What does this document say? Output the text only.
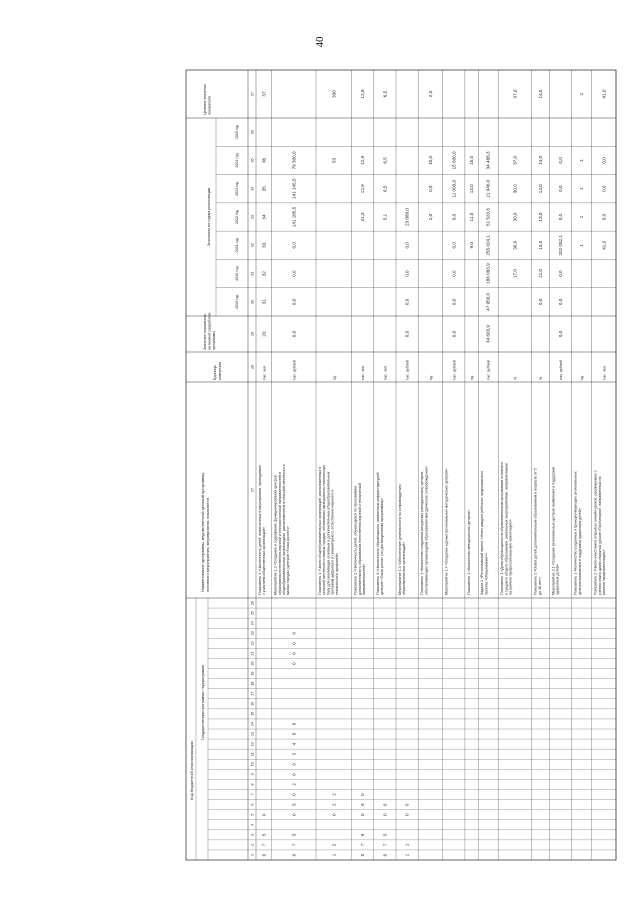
40
Код бюджетной классификации
Государственная программа / подпрограмма
Значения по годам реализации
2019 год
2020 год
2021 год
2022 год
2023 год
2024 год
2025 год
Наименование программы, ведомственной целевой программы,основного мероприятия, мероприятия, показателя
Единица измерения
Значение показателяна момент разработкипрограммы
Целевое значениепоказателя
1
2
3
4
5
6
7
8
9
10
11
12
13
14
15
16
17
18
19
20
21
22
23
24
25
26
27
28
29
30
31
32
33
34
35
36
37
Показатель 1 «Численность детей, вовлеченных в мероприятия, проводимыес участием общественных организаций»
тыс. чел.
20
31
32
33
34
35
36
37
Мероприятие 1.2 «Создание и содержание функционирования центровобразования естественно-научной и технологической направленностей вобщеобразовательных организациях, расположенных в сельской местности ималых городах (центров «Точка роста»)»
тыс. рублей
0,0
0,0
0,0
0,0
141 185,5
141 145,5
79 300,0
Показатель 1 «Число общеобразовательных организаций, расположенных всельской местности и малых городах, обновивших материально-техническуюбазу для реализации основных и дополнительных общеобразовательныхпрограмм цифрового и гуманитарного, естественно-научного итехнического профилей»
ед.
53
330
Показатель 2 «Численность детей, обучающихся по программамдополнительного образования естественно-научной и техническойнаправленностей»
тыс. чел.
41,3
12,9
12,9
12,9
Показатель 3 «Численность обучающихся, охваченных инфраструктуройцентров «Точка роста» (по дистанционным программам)»
тыс. чел.
5,1
6,5
6,5
6,5
Мероприятие 1.3 «Обеспечение деятельности по сопровождениюобразовательных организаций»
тыс. рублей
0,0
0,0
0,0
0,0
23 889,0
Показатель 1 «Количество созданных ресурсных (методических) центров,обеспечивающих организациям образования методическое сопровождение»
ед.
2,0
0,0
10,0
2,0
Мероприятие 1.4 «Создание единых региональных методических центров»
тыс. рублей
0,0
0,0
0,0
0,0
0,0
11 000,0
15 000,0
Показатель 1 «Количество методических центров»
ед.
9,0
11,0
13,0
15,0
Задача 2 «Региональный проект «Успех каждого ребенка» национальногопроекта «Образование»»
тыс. рублей
34 603,9
47 958,0
186 083,9
255 024,1
51 520,6
21 046,0
34 488,3
Показатель 1 «Доля обучающихся по образовательным программам основногои среднего общего образования, охваченных мероприятиями, направленнымина раннюю профессиональную ориентацию»
%
17,0
30,0
30,0
30,0
37,0
37,0
Показатель 2 «Охват детей дополнительным образованием в возрасте от 5до 18 лет»
%
0,0
12,0
13,0
13,0
14,0
14,0
14,0
Мероприятие 2.1 «Создание региональных центров выявления и поддержкиодаренных детей»
тыс. рублей
0,0
0,0
0,0
202 052,1
0,0
0,0
0,0
Показатель 1 «Количество созданных и функционирующих региональныхцентров выявления и поддержки одаренных детей»
ед.
1
1
1
1
1
Показатель 2 «Число участников открытых онлайн-уроков, реализуемых сучетом опыта цикла открытых уроков «Проектория», направленных нараннюю профориентацию»
тыс. чел.
41,0
0,0
0,0
0,0
41,0
0
7
5
0
0
7
5
0
5
0
2
0
0
3
4
5
6
0
0
0
0
1
2
0
2
2
0
7
5
0
5
0
0
7
5
0
6
1
1
0
6
